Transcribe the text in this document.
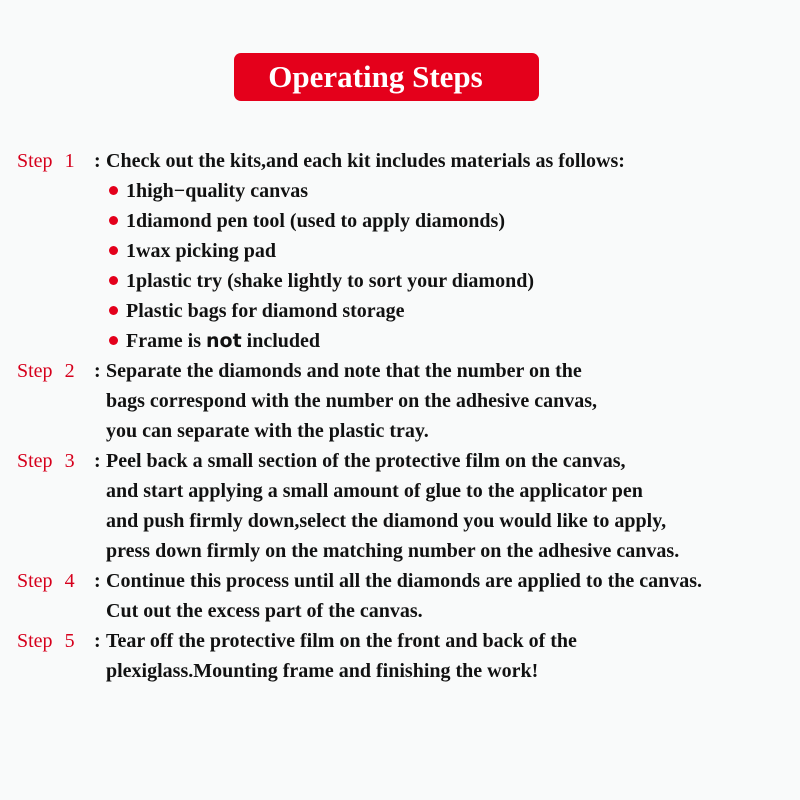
Operating Steps
Step 1 : Check out the kits,and each kit includes materials as follows:
1high−quality canvas
1diamond pen tool (used to apply diamonds)
1wax picking pad
1plastic try (shake lightly to sort your diamond)
Plastic bags for diamond storage
Frame is not included
Step 2 : Separate the diamonds and note that the number on the
bags correspond with the number on the adhesive canvas,
you can separate with the plastic tray.
Step 3 : Peel back a small section of the protective film on the canvas,
and start applying a small amount of glue to the applicator pen
and push firmly down,select the diamond you would like to apply,
press down firmly on the matching number on the adhesive canvas.
Step 4 : Continue this process until all the diamonds are applied to the canvas.
Cut out the excess part of the canvas.
Step 5 : Tear off the protective film on the front and back of the
plexiglass.Mounting frame and finishing the work!
